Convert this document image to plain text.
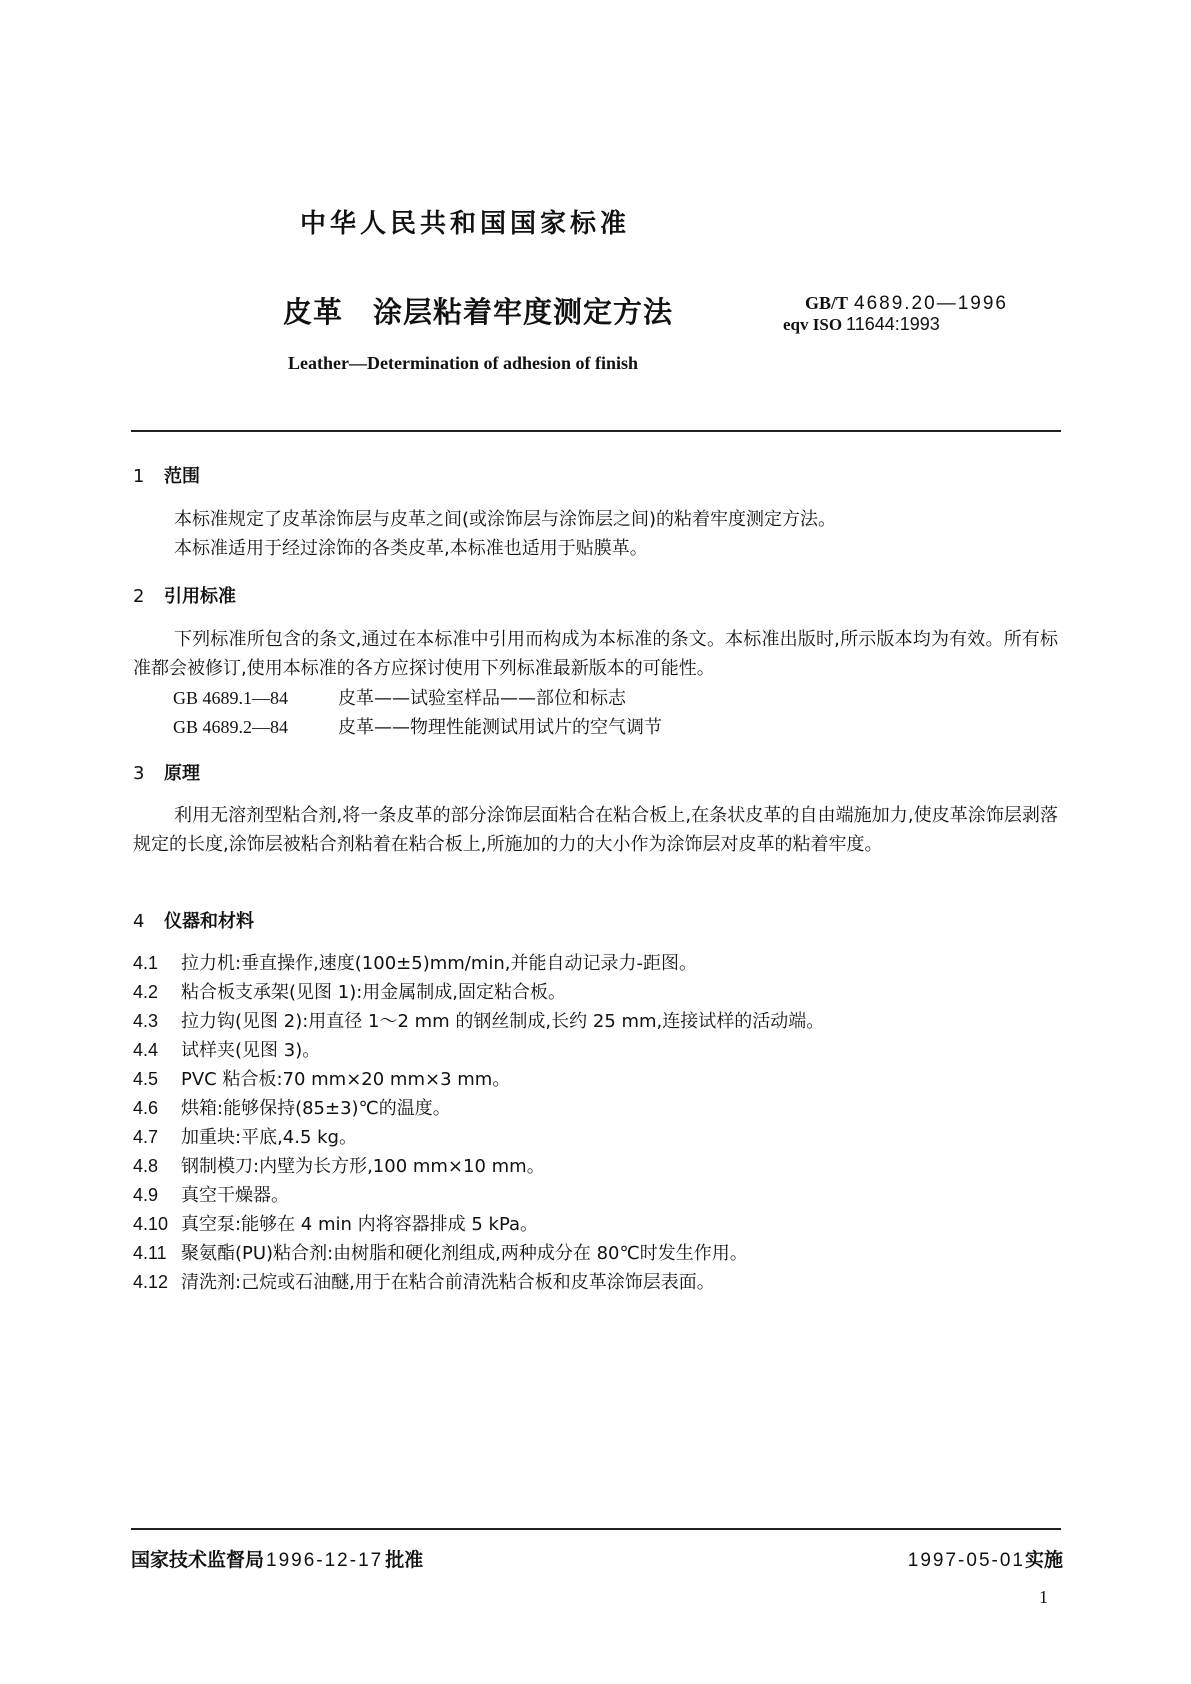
中华人民共和国国家标准
皮革　涂层粘着牢度测定方法	GB/T 4689.20—1996
eqv ISO 11644:1993
Leather—Determination of adhesion of finish
1 范围
本标准规定了皮革涂饰层与皮革之间(或涂饰层与涂饰层之间)的粘着牢度测定方法。
本标准适用于经过涂饰的各类皮革,本标准也适用于贴膜革。
2 引用标准
下列标准所包含的条文,通过在本标准中引用而构成为本标准的条文。本标准出版时,所示版本均为有效。所有标准都会被修订,使用本标准的各方应探讨使用下列标准最新版本的可能性。
GB 4689.1—84	皮革——试验室样品——部位和标志
GB 4689.2—84	皮革——物理性能测试用试片的空气调节
3 原理
利用无溶剂型粘合剂,将一条皮革的部分涂饰层面粘合在粘合板上,在条状皮革的自由端施加力,使皮革涂饰层剥落规定的长度,涂饰层被粘合剂粘着在粘合板上,所施加的力的大小作为涂饰层对皮革的粘着牢度。
4 仪器和材料
4.1 拉力机:垂直操作,速度(100±5)mm/min,并能自动记录力-距图。
4.2 粘合板支承架(见图 1):用金属制成,固定粘合板。
4.3 拉力钩(见图 2):用直径 1～2 mm 的钢丝制成,长约 25 mm,连接试样的活动端。
4.4 试样夹(见图 3)。
4.5 PVC 粘合板:70 mm×20 mm×3 mm。
4.6 烘箱:能够保持(85±3)℃的温度。
4.7 加重块:平底,4.5 kg。
4.8 钢制模刀:内壁为长方形,100 mm×10 mm。
4.9 真空干燥器。
4.10 真空泵:能够在 4 min 内将容器排成 5 kPa。
4.11 聚氨酯(PU)粘合剂:由树脂和硬化剂组成,两种成分在 80℃时发生作用。
4.12 清洗剂:己烷或石油醚,用于在粘合前清洗粘合板和皮革涂饰层表面。
国家技术监督局 1996-12-17 批准	1997-05-01实施
1
